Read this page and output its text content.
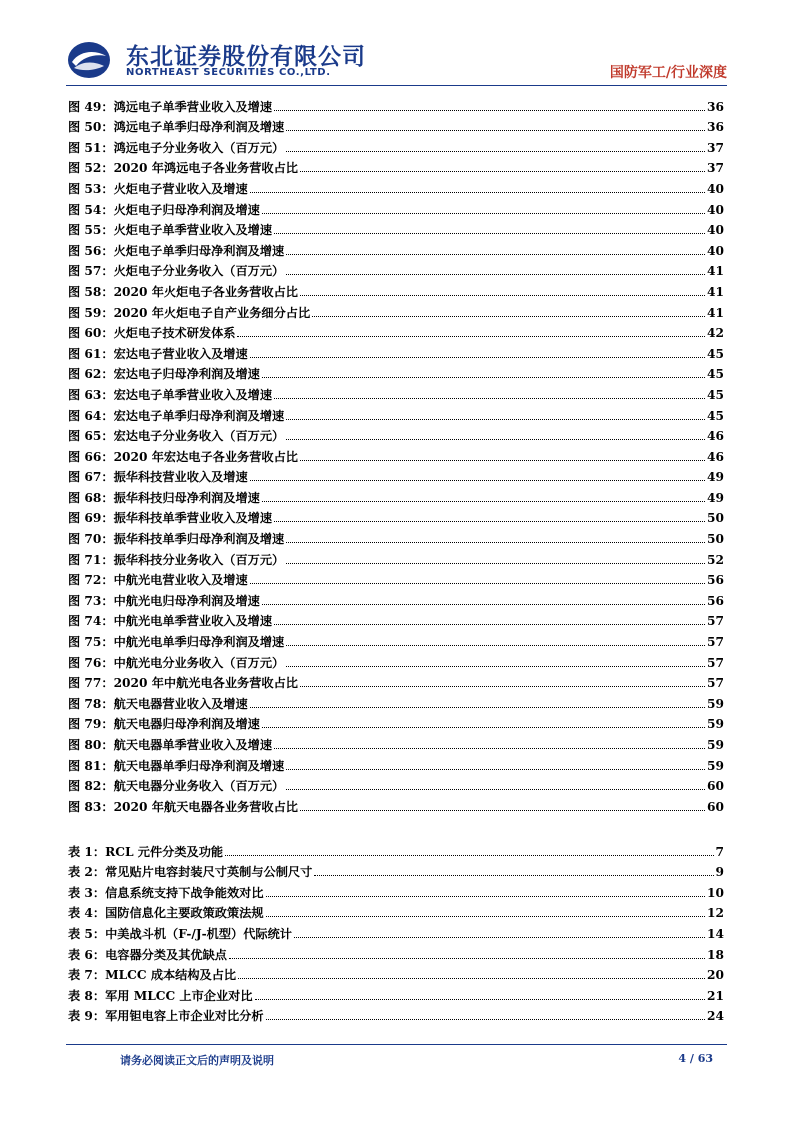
东北证券股份有限公司
NORTHEAST SECURITIES CO.,LTD.	国防军工/行业深度
图 49：鸿远电子单季营业收入及增速	36
图 50：鸿远电子单季归母净利润及增速	36
图 51：鸿远电子分业务收入（百万元）	37
图 52：2020 年鸿远电子各业务营收占比	37
图 53：火炬电子营业收入及增速	40
图 54：火炬电子归母净利润及增速	40
图 55：火炬电子单季营业收入及增速	40
图 56：火炬电子单季归母净利润及增速	40
图 57：火炬电子分业务收入（百万元）	41
图 58：2020 年火炬电子各业务营收占比	41
图 59：2020 年火炬电子自产业务细分占比	41
图 60：火炬电子技术研发体系	42
图 61：宏达电子营业收入及增速	45
图 62：宏达电子归母净利润及增速	45
图 63：宏达电子单季营业收入及增速	45
图 64：宏达电子单季归母净利润及增速	45
图 65：宏达电子分业务收入（百万元）	46
图 66：2020 年宏达电子各业务营收占比	46
图 67：振华科技营业收入及增速	49
图 68：振华科技归母净利润及增速	49
图 69：振华科技单季营业收入及增速	50
图 70：振华科技单季归母净利润及增速	50
图 71：振华科技分业务收入（百万元）	52
图 72：中航光电营业收入及增速	56
图 73：中航光电归母净利润及增速	56
图 74：中航光电单季营业收入及增速	57
图 75：中航光电单季归母净利润及增速	57
图 76：中航光电分业务收入（百万元）	57
图 77：2020 年中航光电各业务营收占比	57
图 78：航天电器营业收入及增速	59
图 79：航天电器归母净利润及增速	59
图 80：航天电器单季营业收入及增速	59
图 81：航天电器单季归母净利润及增速	59
图 82：航天电器分业务收入（百万元）	60
图 83：2020 年航天电器各业务营收占比	60
表 1：RCL 元件分类及功能	7
表 2：常见贴片电容封装尺寸英制与公制尺寸	9
表 3：信息系统支持下战争能效对比	10
表 4：国防信息化主要政策政策法规	12
表 5：中美战斗机（F-/J-机型）代际统计	14
表 6：电容器分类及其优缺点	18
表 7：MLCC 成本结构及占比	20
表 8：军用 MLCC 上市企业对比	21
表 9：军用钽电容上市企业对比分析	24
请务必阅读正文后的声明及说明	4 / 63
